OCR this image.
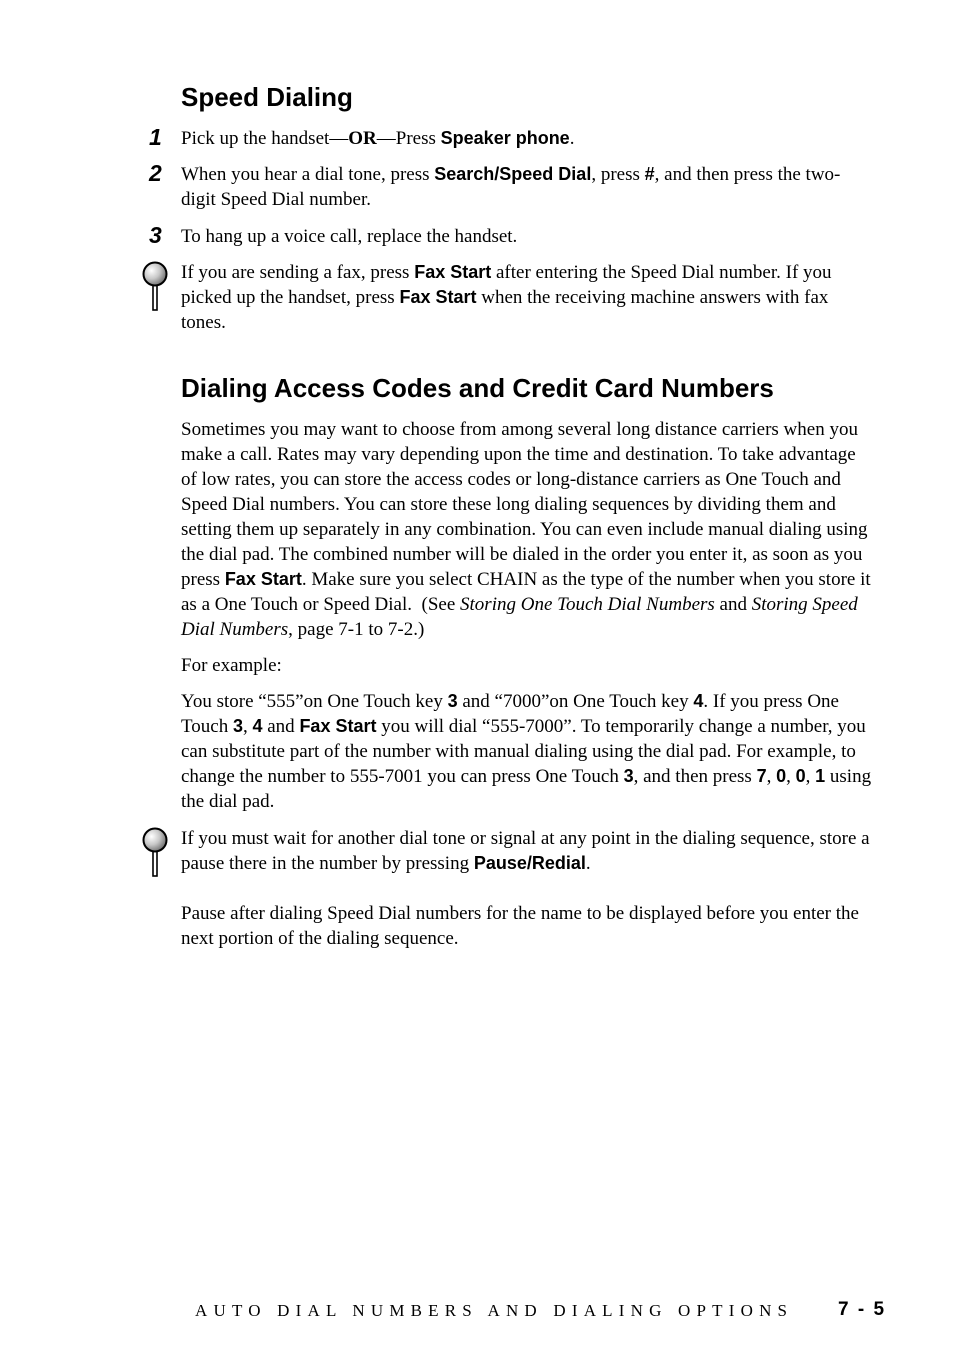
Speed Dialing
1	Pick up the handset—OR—Press Speaker phone.

2	When you hear a dial tone, press Search/Speed Dial, press #, and then press the two-digit Speed Dial number.

3	To hang up a voice call, replace the handset.

If you are sending a fax, press Fax Start after entering the Speed Dial number. If you picked up the handset, press Fax Start when the receiving machine answers with fax tones.

Dialing Access Codes and Credit Card Numbers

Sometimes you may want to choose from among several long distance carriers when you make a call. Rates may vary depending upon the time and destination. To take advantage of low rates, you can store the access codes or long-distance carriers as One Touch and Speed Dial numbers. You can store these long dialing sequences by dividing them and setting them up separately in any combination. You can even include manual dialing using the dial pad. The combined number will be dialed in the order you enter it, as soon as you press Fax Start. Make sure you select CHAIN as the type of the number when you store it as a One Touch or Speed Dial.  (See Storing One Touch Dial Numbers and Storing Speed Dial Numbers, page 7-1 to 7-2.)

For example:

You store “555”on One Touch key 3 and “7000”on One Touch key 4. If you press One Touch 3, 4 and Fax Start you will dial “555-7000”. To temporarily change a number, you can substitute part of the number with manual dialing using the dial pad. For example, to change the number to 555-7001 you can press One Touch 3, and then press 7, 0, 0, 1 using the dial pad.

If you must wait for another dial tone or signal at any point in the dialing sequence, store a pause there in the number by pressing Pause/Redial.

Pause after dialing Speed Dial numbers for the name to be displayed before you enter the next portion of the dialing sequence.

AUTO DIAL NUMBERS AND DIALING OPTIONS 7 - 5
